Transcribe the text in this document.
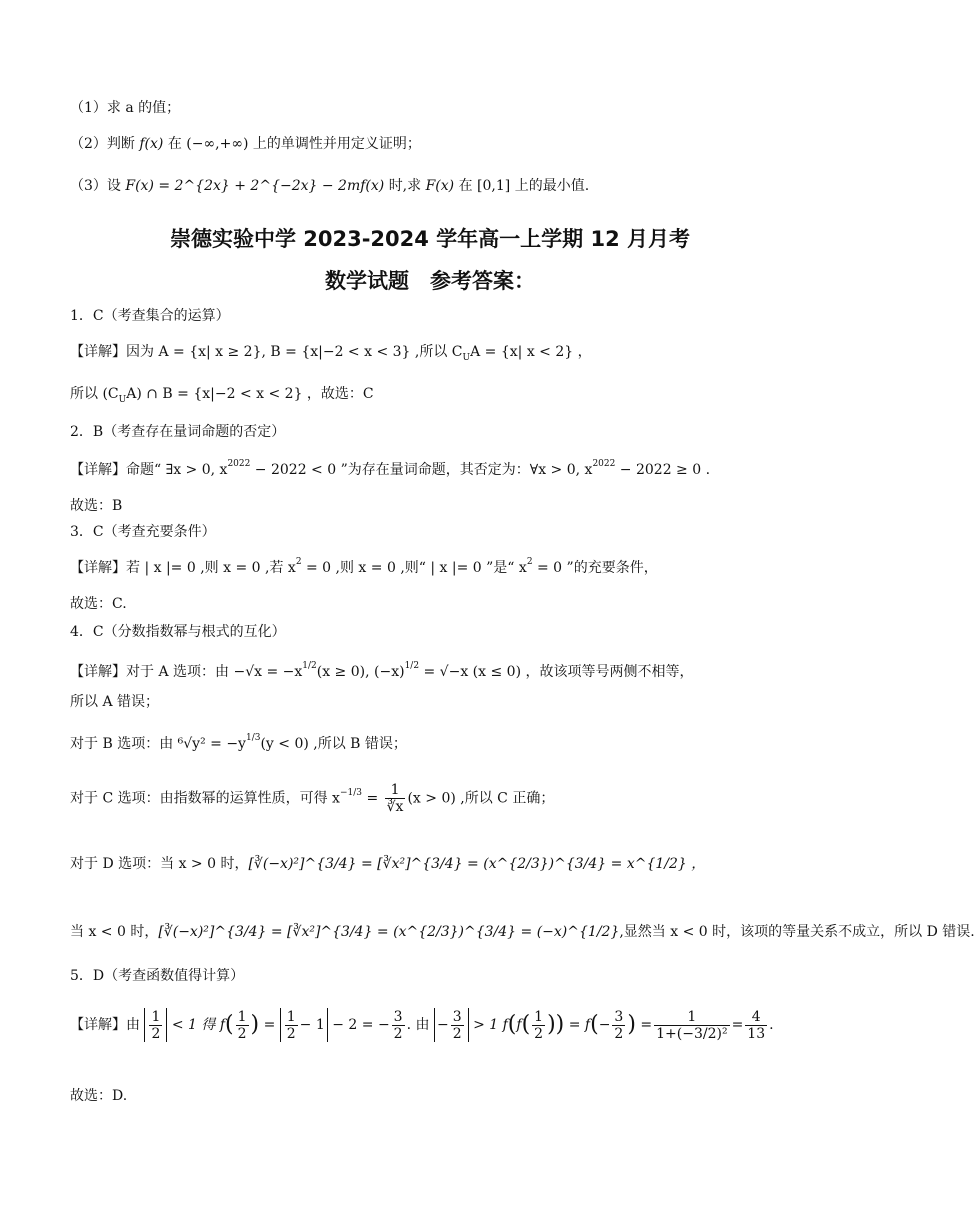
（1）求 a 的值；
（2）判断 f(x) 在 (−∞,+∞) 上的单调性并用定义证明；
（3）设 F(x) = 2^{2x} + 2^{−2x} − 2mf(x) 时,求 F(x) 在 [0,1] 上的最小值.
崇德实验中学 2023-2024 学年高一上学期 12 月月考
数学试题　参考答案：
1．C（考查集合的运算）
【详解】因为 A = {x| x ≥ 2}, B = {x|−2 < x < 3} ,所以 $C_UA = \{x|$ x < 2} ，
所以 $(C_UA)$ ∩ B = {x|−2 < x < 2} ，故选：C
2．B（考查存在量词命题的否定）
【详解】命题“ ∃x > 0, $x^{2022} - 2022 < 0$ ”为存在量词命题，其否定为：∀x > 0, $x^{2022} - 2022 \ge 0$ .
故选：B
3．C（考查充要条件）
【详解】若 | x |= 0 ,则 x = 0 ,若 $x^2 = 0$ ,则 x = 0 ,则“ | x |= 0 ”是“ $x^2 = 0$ ”的充要条件，
故选：C.
4．C（分数指数幂与根式的互化）
【详解】对于 A 选项：由 $-√x = -x^{1/2}(x \ge 0)$, $(-x)^{1/2} = √-x$ (x ≤ 0) ，故该项等号两侧不相等，
所以 A 错误；
对于 B 选项：由 $^6√y^2 = -y^{1/3}(y < 0)$ ,所以 B 错误；
对于 C 选项：由指数幂的运算性质，可得 $x^{-1/3} = \frac{1}{∛x} (x > 0)$ ,所以 C 正确；
对于 D 选项：当 x > 0 时，[∛(−x)²]^{3/4} = [∛x²]^{3/4} = (x^{2/3})^{3/4} = x^{1/2} ，
当 x < 0 时，[∛(−x)²]^{3/4} = [∛x²]^{3/4} = (x^{2/3})^{3/4} = (−x)^{1/2},显然当 x < 0 时，该项的等量关系不成立，所以 D 错误.
5．D（考查函数值得计算）
【详解】由 $\frac{1}{2} < 1$ 得 $f( \frac{1}{2}$ ) = $\frac{1}{2} - 1 - 2$ = − $\frac{3}{2}$ . 由 − $\frac{3}{2} > 1$ $f(f( \frac{1}{2}$ )) = $f(- \frac{3}{2}$ ) = $\frac{1}{\text{1+(−3/2)²}} = \frac{4}{13}$ .
故选：D.
